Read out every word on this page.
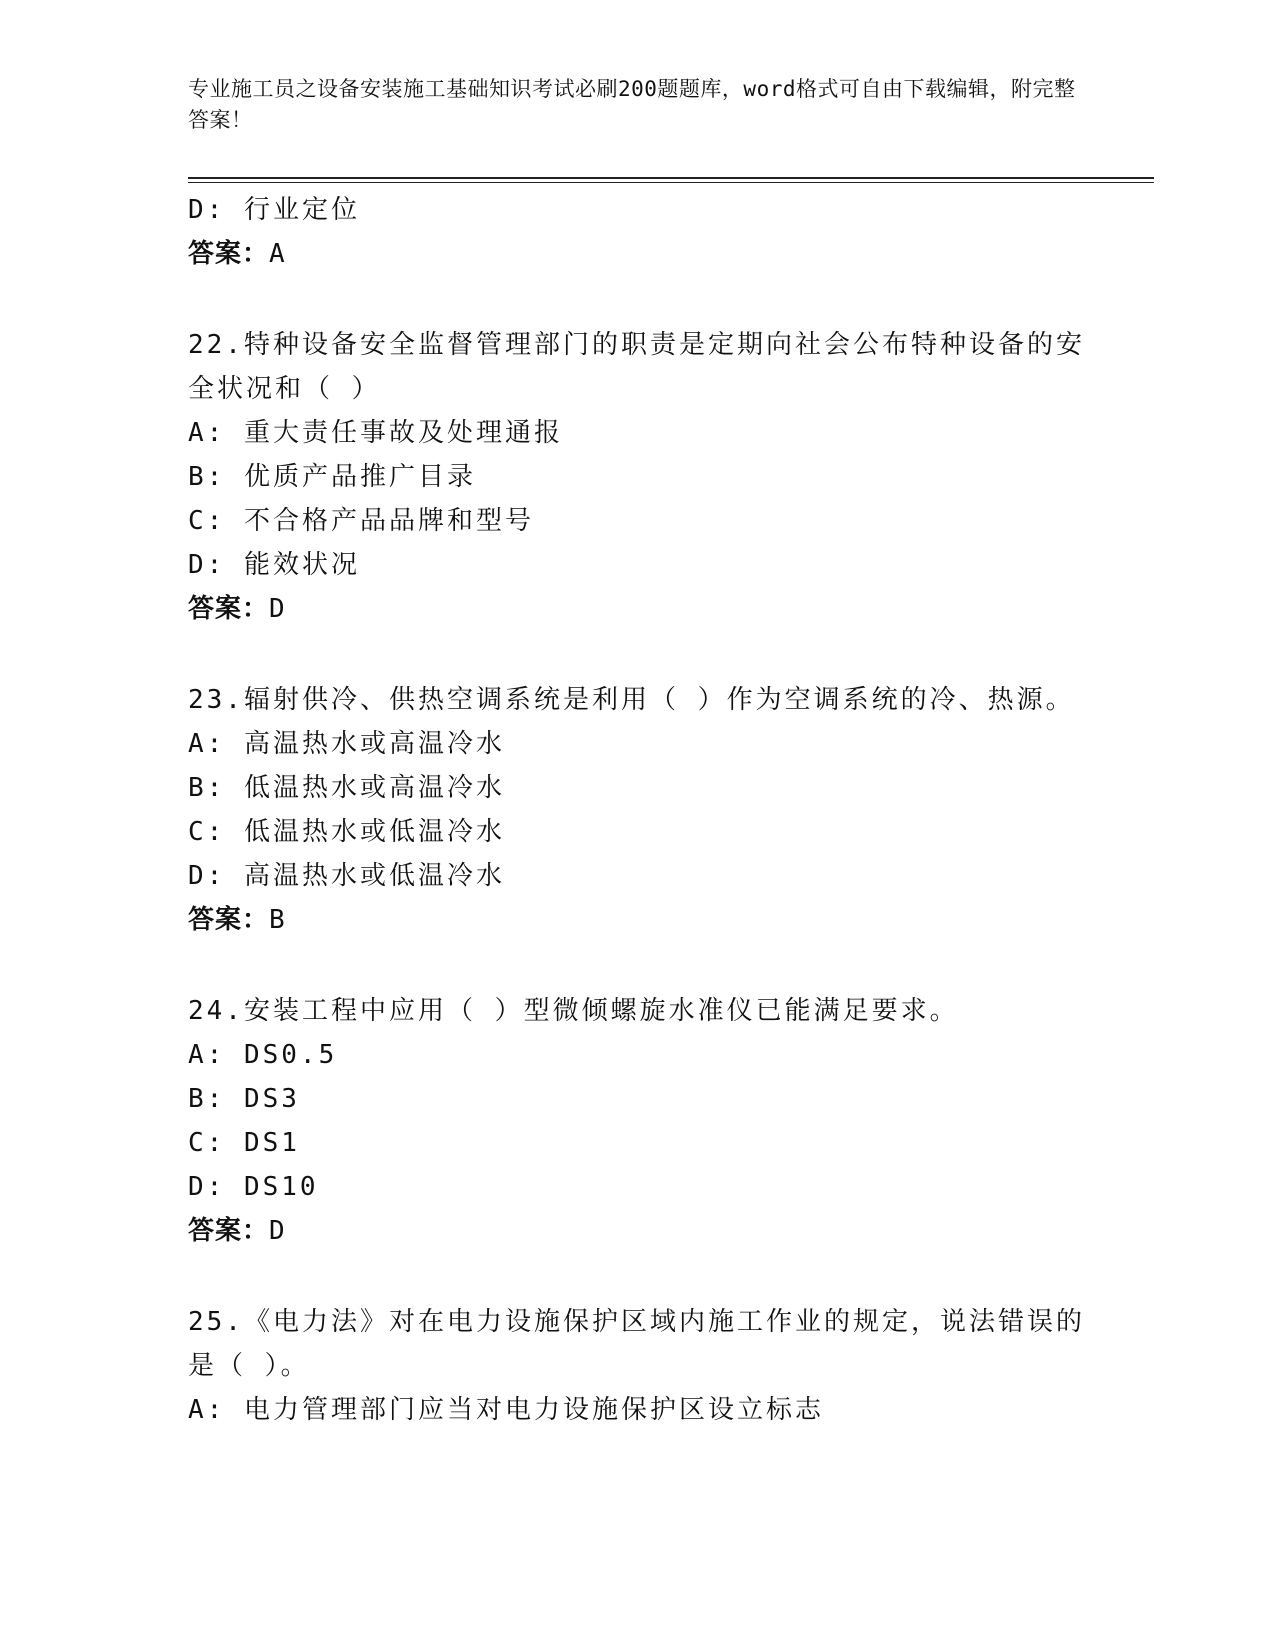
专业施工员之设备安装施工基础知识考试必刷200题题库，word格式可自由下载编辑，附完整答案！
D: 行业定位
答案：A
22.特种设备安全监督管理部门的职责是定期向社会公布特种设备的安
全状况和（ ）
A: 重大责任事故及处理通报
B: 优质产品推广目录
C: 不合格产品品牌和型号
D: 能效状况
答案：D
23.辐射供冷、供热空调系统是利用（ ）作为空调系统的冷、热源。
A: 高温热水或高温冷水
B: 低温热水或高温冷水
C: 低温热水或低温冷水
D: 高温热水或低温冷水
答案：B
24.安装工程中应用（ ）型微倾螺旋水准仪已能满足要求。
A: DS0.5
B: DS3
C: DS1
D: DS10
答案：D
25.《电力法》对在电力设施保护区域内施工作业的规定，说法错误的
是（ ）。
A: 电力管理部门应当对电力设施保护区设立标志
